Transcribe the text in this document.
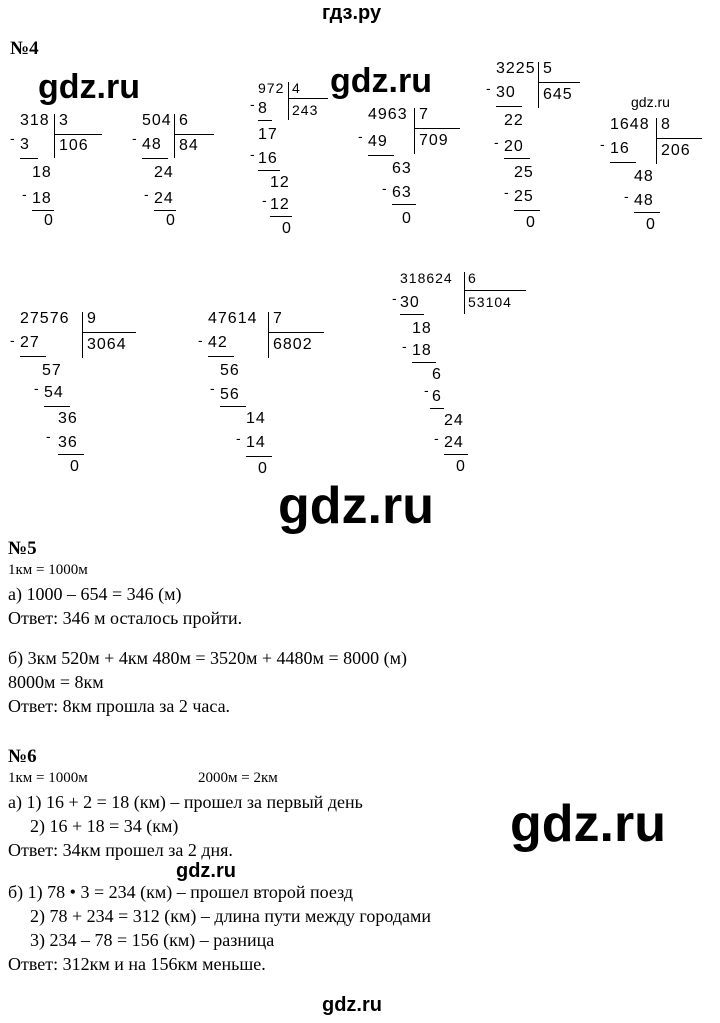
гдз.ру
№4
gdz.ru	gdz.ru
gdz.ru
318 3
106
- 3
18
- 18
0
504 6
84
- 48
24
- 24
0
972 4
243
- 8
17
- 16
12
- 12
0
4963 7
709
- 49
63
- 63
0
3225 5
645
- 30
22
- 20
25
- 25
0
1648 8
206
- 16
48
- 48
0
27576 9
3064
- 27
57
- 54
36
- 36
0
47614 7
6802
- 42
56
- 56
14
- 14
0
318624 6
53104
- 30
18
- 18
6
- 6
24
- 24
0
gdz.ru
№5
1км = 1000м
а) 1000 – 654 = 346 (м)
Ответ: 346 м осталось пройти.
б) 3км 520м + 4км 480м = 3520м + 4480м = 8000 (м)
8000м = 8км
Ответ: 8км прошла за 2 часа.
№6
1км = 1000м	2000м = 2км
а) 1) 16 + 2 = 18 (км) – прошел за первый день
2) 16 + 18 = 34 (км)
Ответ: 34км прошел за 2 дня.
gdz.ru
б) 1) 78 • 3 = 234 (км) – прошел второй поезд
2) 78 + 234 = 312 (км) – длина пути между городами
3) 234 – 78 = 156 (км) – разница
Ответ: 312км и на 156км меньше.
gdz.ru
gdz.ru
